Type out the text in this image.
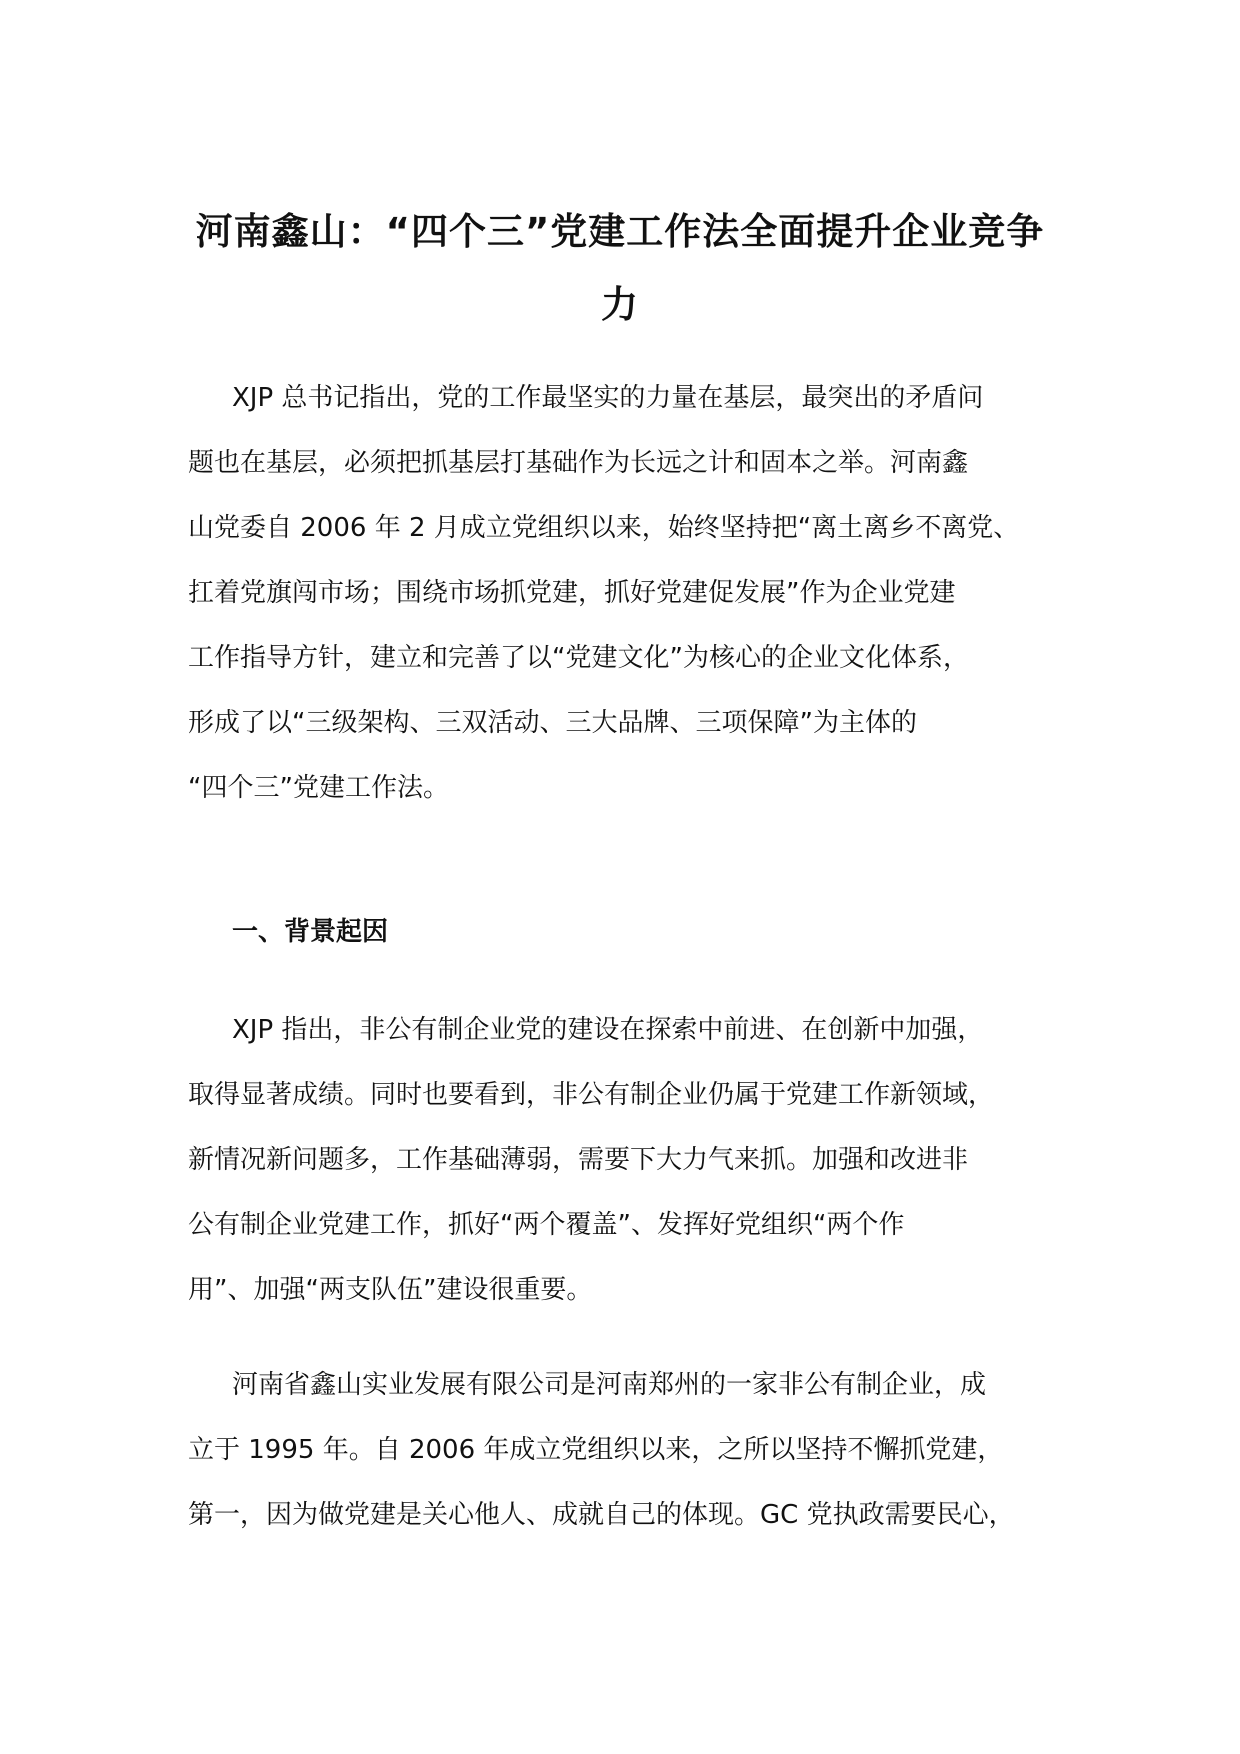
河南鑫山：“四个三”党建工作法全面提升企业竞争
力
XJP 总书记指出，党的工作最坚实的力量在基层，最突出的矛盾问
题也在基层，必须把抓基层打基础作为长远之计和固本之举。河南鑫
山党委自 2006 年 2 月成立党组织以来，始终坚持把“离土离乡不离党、
扛着党旗闯市场；围绕市场抓党建，抓好党建促发展”作为企业党建
工作指导方针，建立和完善了以“党建文化”为核心的企业文化体系，
形成了以“三级架构、三双活动、三大品牌、三项保障”为主体的
“四个三”党建工作法。
一、背景起因
XJP 指出，非公有制企业党的建设在探索中前进、在创新中加强，
取得显著成绩。同时也要看到，非公有制企业仍属于党建工作新领域，
新情况新问题多，工作基础薄弱，需要下大力气来抓。加强和改进非
公有制企业党建工作，抓好“两个覆盖”、发挥好党组织“两个作
用”、加强“两支队伍”建设很重要。
河南省鑫山实业发展有限公司是河南郑州的一家非公有制企业，成
立于 1995 年。自 2006 年成立党组织以来，之所以坚持不懈抓党建，
第一，因为做党建是关心他人、成就自己的体现。GC 党执政需要民心，
